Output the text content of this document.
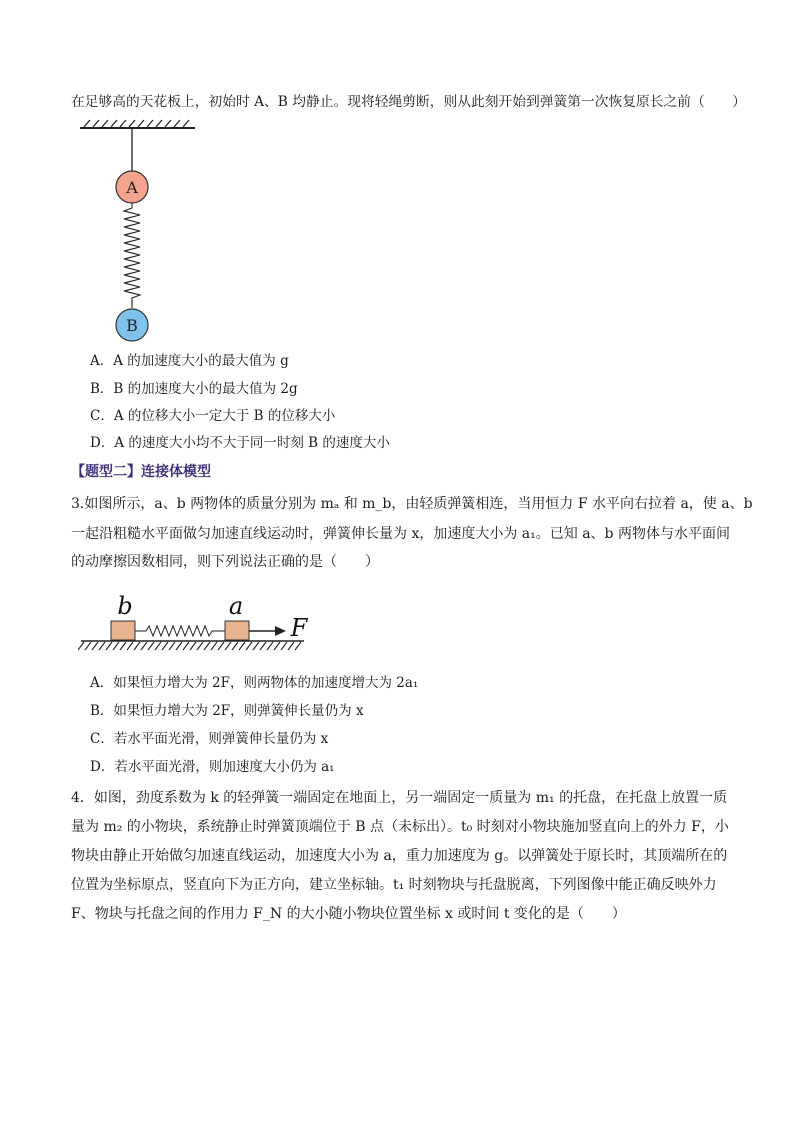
在足够高的天花板上，初始时 A、B 均静止。现将轻绳剪断，则从此刻开始到弹簧第一次恢复原长之前（　　）
A
B
A．A 的加速度大小的最大值为 g
B．B 的加速度大小的最大值为 2g
C．A 的位移大小一定大于 B 的位移大小
D．A 的速度大小均不大于同一时刻 B 的速度大小
【题型二】连接体模型
3.如图所示，a、b 两物体的质量分别为 mₐ 和 m_b，由轻质弹簧相连，当用恒力 F 水平向右拉着 a，使 a、b
一起沿粗糙水平面做匀加速直线运动时，弹簧伸长量为 x，加速度大小为 a₁。已知 a、b 两物体与水平面间
的动摩擦因数相同，则下列说法正确的是（　　）
b	a
F
A．如果恒力增大为 2F，则两物体的加速度增大为 2a₁
B．如果恒力增大为 2F，则弹簧伸长量仍为 x
C．若水平面光滑，则弹簧伸长量仍为 x
D．若水平面光滑，则加速度大小仍为 a₁
4．如图，劲度系数为 k 的轻弹簧一端固定在地面上，另一端固定一质量为 m₁ 的托盘，在托盘上放置一质
量为 m₂ 的小物块，系统静止时弹簧顶端位于 B 点（未标出）。t₀ 时刻对小物块施加竖直向上的外力 F，小
物块由静止开始做匀加速直线运动，加速度大小为 a，重力加速度为 g。以弹簧处于原长时，其顶端所在的
位置为坐标原点，竖直向下为正方向，建立坐标轴。t₁ 时刻物块与托盘脱离，下列图像中能正确反映外力
F、物块与托盘之间的作用力 F_N 的大小随小物块位置坐标 x 或时间 t 变化的是（　　）
